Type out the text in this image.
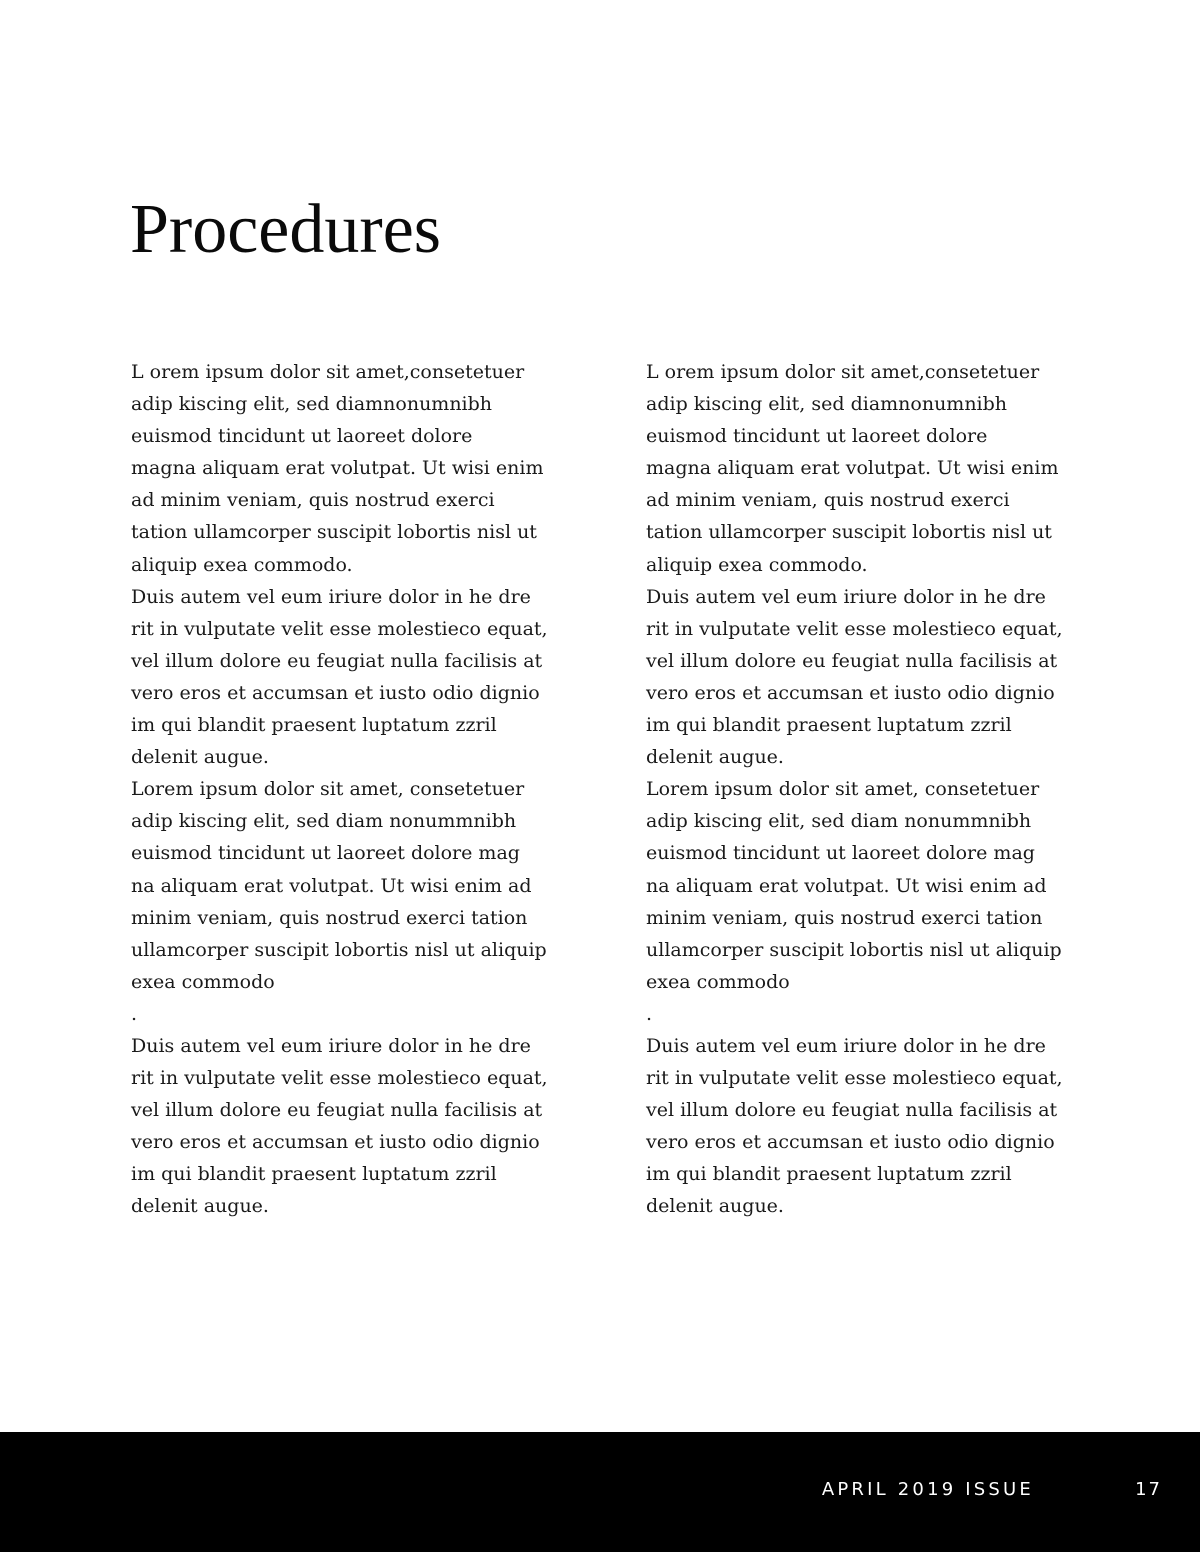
Procedures
L orem ipsum dolor sit amet,consetetuer
adip kiscing elit, sed diamnonumnibh
euismod tincidunt ut laoreet dolore
magna aliquam erat volutpat. Ut wisi enim
ad minim veniam, quis nostrud exerci
tation ullamcorper suscipit lobortis nisl ut
aliquip exea commodo.
Duis autem vel eum iriure dolor in he dre
rit in vulputate velit esse molestieco equat,
vel illum dolore eu feugiat nulla facilisis at
vero eros et accumsan et iusto odio dignio
im qui blandit praesent luptatum zzril
delenit augue.
Lorem ipsum dolor sit amet, consetetuer
adip kiscing elit, sed diam nonummnibh
euismod tincidunt ut laoreet dolore mag
na aliquam erat volutpat. Ut wisi enim ad
minim veniam, quis nostrud exerci tation
ullamcorper suscipit lobortis nisl ut aliquip
exea commodo
.
Duis autem vel eum iriure dolor in he dre
rit in vulputate velit esse molestieco equat,
vel illum dolore eu feugiat nulla facilisis at
vero eros et accumsan et iusto odio dignio
im qui blandit praesent luptatum zzril
delenit augue.
L orem ipsum dolor sit amet,consetetuer
adip kiscing elit, sed diamnonumnibh
euismod tincidunt ut laoreet dolore
magna aliquam erat volutpat. Ut wisi enim
ad minim veniam, quis nostrud exerci
tation ullamcorper suscipit lobortis nisl ut
aliquip exea commodo.
Duis autem vel eum iriure dolor in he dre
rit in vulputate velit esse molestieco equat,
vel illum dolore eu feugiat nulla facilisis at
vero eros et accumsan et iusto odio dignio
im qui blandit praesent luptatum zzril
delenit augue.
Lorem ipsum dolor sit amet, consetetuer
adip kiscing elit, sed diam nonummnibh
euismod tincidunt ut laoreet dolore mag
na aliquam erat volutpat. Ut wisi enim ad
minim veniam, quis nostrud exerci tation
ullamcorper suscipit lobortis nisl ut aliquip
exea commodo
.
Duis autem vel eum iriure dolor in he dre
rit in vulputate velit esse molestieco equat,
vel illum dolore eu feugiat nulla facilisis at
vero eros et accumsan et iusto odio dignio
im qui blandit praesent luptatum zzril
delenit augue.
APRIL 2019 ISSUE	17
